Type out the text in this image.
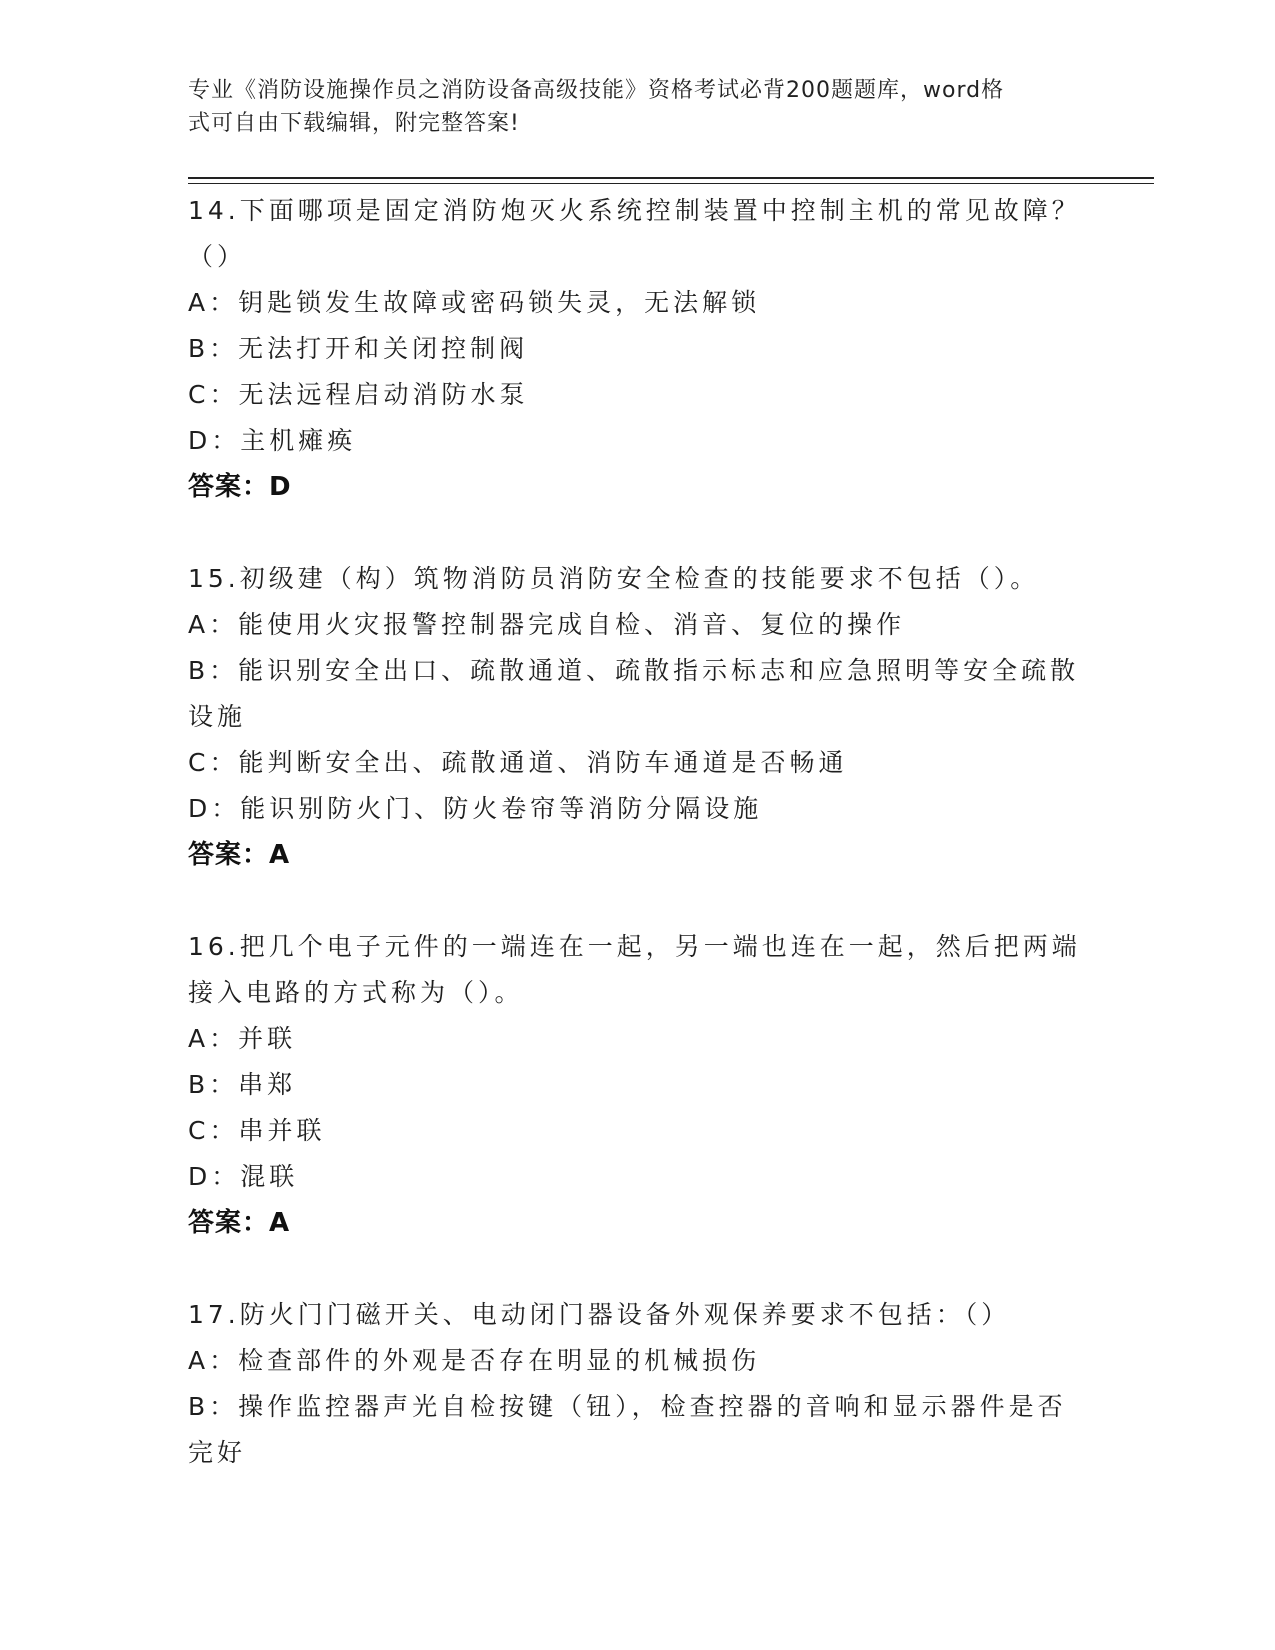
专业《消防设施操作员之消防设备高级技能》资格考试必背200题题库，word格
式可自由下载编辑，附完整答案!
14.下面哪项是固定消防炮灭火系统控制装置中控制主机的常见故障？
（）
A：钥匙锁发生故障或密码锁失灵，无法解锁
B：无法打开和关闭控制阀
C：无法远程启动消防水泵
D：主机瘫痪
答案：D
15.初级建（构）筑物消防员消防安全检查的技能要求不包括（）。
A：能使用火灾报警控制器完成自检、消音、复位的操作
B：能识别安全出口、疏散通道、疏散指示标志和应急照明等安全疏散
设施
C：能判断安全出、疏散通道、消防车通道是否畅通
D：能识别防火门、防火卷帘等消防分隔设施
答案：A
16.把几个电子元件的一端连在一起，另一端也连在一起，然后把两端
接入电路的方式称为（）。
A：并联
B：串郑
C：串并联
D：混联
答案：A
17.防火门门磁开关、电动闭门器设备外观保养要求不包括：（）
A：检查部件的外观是否存在明显的机械损伤
B：操作监控器声光自检按键（钮），检查控器的音响和显示器件是否
完好
